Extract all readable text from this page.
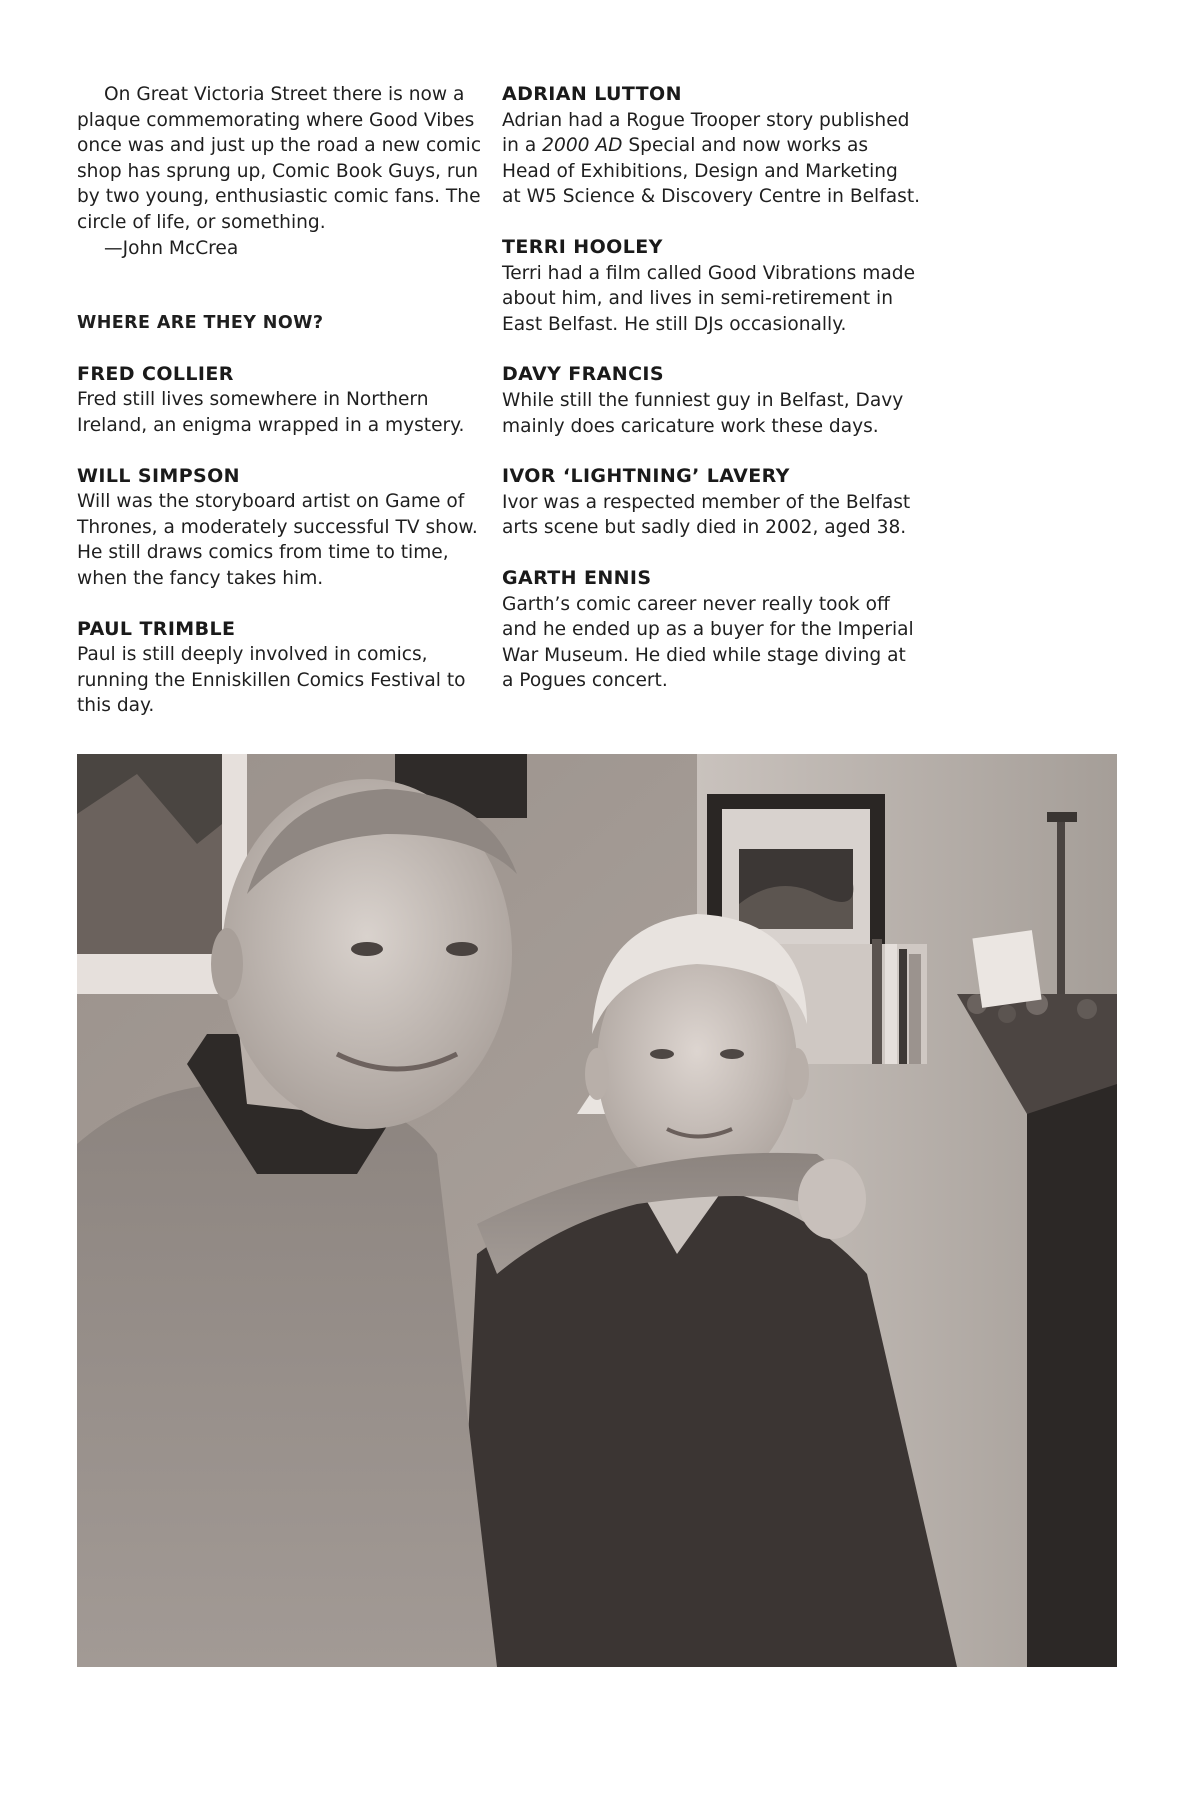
On Great Victoria Street there is now a plaque commemorating where Good Vibes once was and just up the road a new comic shop has sprung up, Comic Book Guys, run by two young, enthusiastic comic fans. The circle of life, or something.

—John McCrea

WHERE ARE THEY NOW?
FRED COLLIER

Fred still lives somewhere in Northern Ireland, an enigma wrapped in a mystery.

WILL SIMPSON

Will was the storyboard artist on Game of Thrones, a moderately successful TV show. He still draws comics from time to time, when the fancy takes him.

PAUL TRIMBLE

Paul is still deeply involved in comics, running the Enniskillen Comics Festival to this day.

ADRIAN LUTTON

Adrian had a Rogue Trooper story published in a 2000 AD Special and now works as Head of Exhibitions, Design and Marketing at W5 Science & Discovery Centre in Belfast.

TERRI HOOLEY

Terri had a film called Good Vibrations made about him, and lives in semi-retirement in East Belfast. He still DJs occasionally.

DAVY FRANCIS

While still the funniest guy in Belfast, Davy mainly does caricature work these days.

IVOR ‘LIGHTNING’ LAVERY

Ivor was a respected member of the Belfast arts scene but sadly died in 2002, aged 38.

GARTH ENNIS

Garth’s comic career never really took off and he ended up as a buyer for the Imperial War Museum. He died while stage diving at a Pogues concert.
